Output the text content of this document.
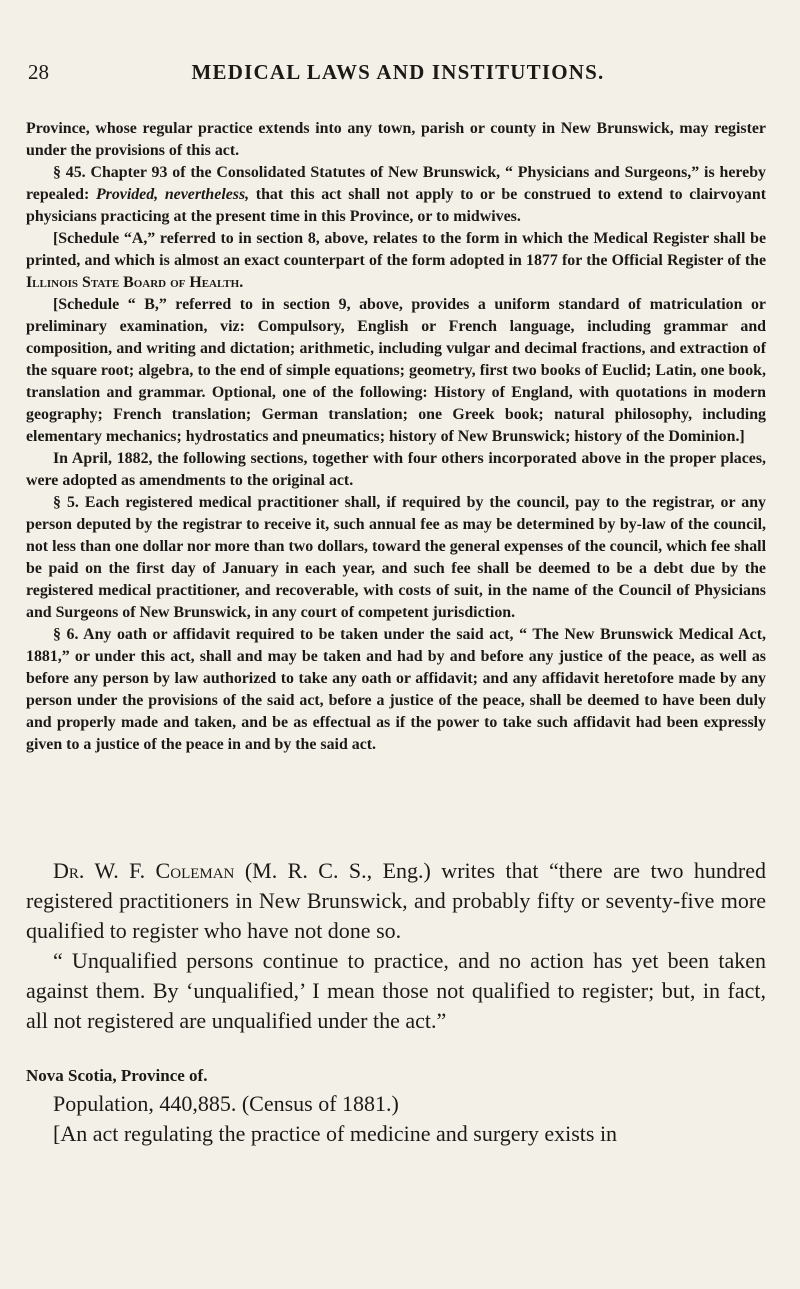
28	MEDICAL LAWS AND INSTITUTIONS.

Province, whose regular practice extends into any town, parish or county in New Brunswick, may register under the provisions of this act.

§ 45. Chapter 93 of the Consolidated Statutes of New Brunswick, “ Physicians and Surgeons,” is hereby repealed: Provided, nevertheless, that this act shall not apply to or be construed to extend to clairvoyant physicians practicing at the present time in this Province, or to midwives.

[Schedule “A,” referred to in section 8, above, relates to the form in which the Medical Register shall be printed, and which is almost an exact counterpart of the form adopted in 1877 for the Official Register of the Illinois State Board of Health.

[Schedule “ B,” referred to in section 9, above, provides a uniform standard of matriculation or preliminary examination, viz: Compulsory, English or French language, including grammar and composition, and writing and dictation; arithmetic, including vulgar and decimal fractions, and extraction of the square root; algebra, to the end of simple equations; geometry, first two books of Euclid; Latin, one book, translation and grammar. Optional, one of the following: History of England, with quotations in modern geography; French translation; German translation; one Greek book; natural philosophy, including elementary mechanics; hydrostatics and pneumatics; history of New Brunswick; history of the Dominion.]

In April, 1882, the following sections, together with four others incorporated above in the proper places, were adopted as amendments to the original act.

§ 5. Each registered medical practitioner shall, if required by the council, pay to the registrar, or any person deputed by the registrar to receive it, such annual fee as may be determined by by-law of the council, not less than one dollar nor more than two dollars, toward the general expenses of the council, which fee shall be paid on the first day of January in each year, and such fee shall be deemed to be a debt due by the registered medical practitioner, and recoverable, with costs of suit, in the name of the Council of Physicians and Surgeons of New Brunswick, in any court of competent jurisdiction.

§ 6. Any oath or affidavit required to be taken under the said act, “ The New Brunswick Medical Act, 1881,” or under this act, shall and may be taken and had by and before any justice of the peace, as well as before any person by law authorized to take any oath or affidavit; and any affidavit heretofore made by any person under the provisions of the said act, before a justice of the peace, shall be deemed to have been duly and properly made and taken, and be as effectual as if the power to take such affidavit had been expressly given to a justice of the peace in and by the said act.

Dr. W. F. Coleman (M. R. C. S., Eng.) writes that “there are two hundred registered practitioners in New Brunswick, and probably fifty or seventy-five more qualified to register who have not done so.

“ Unqualified persons continue to practice, and no action has yet been taken against them. By ‘unqualified,’ I mean those not qualified to register; but, in fact, all not registered are unqualified under the act.”

Nova Scotia, Province of.

Population, 440,885. (Census of 1881.)

[An act regulating the practice of medicine and surgery exists in
